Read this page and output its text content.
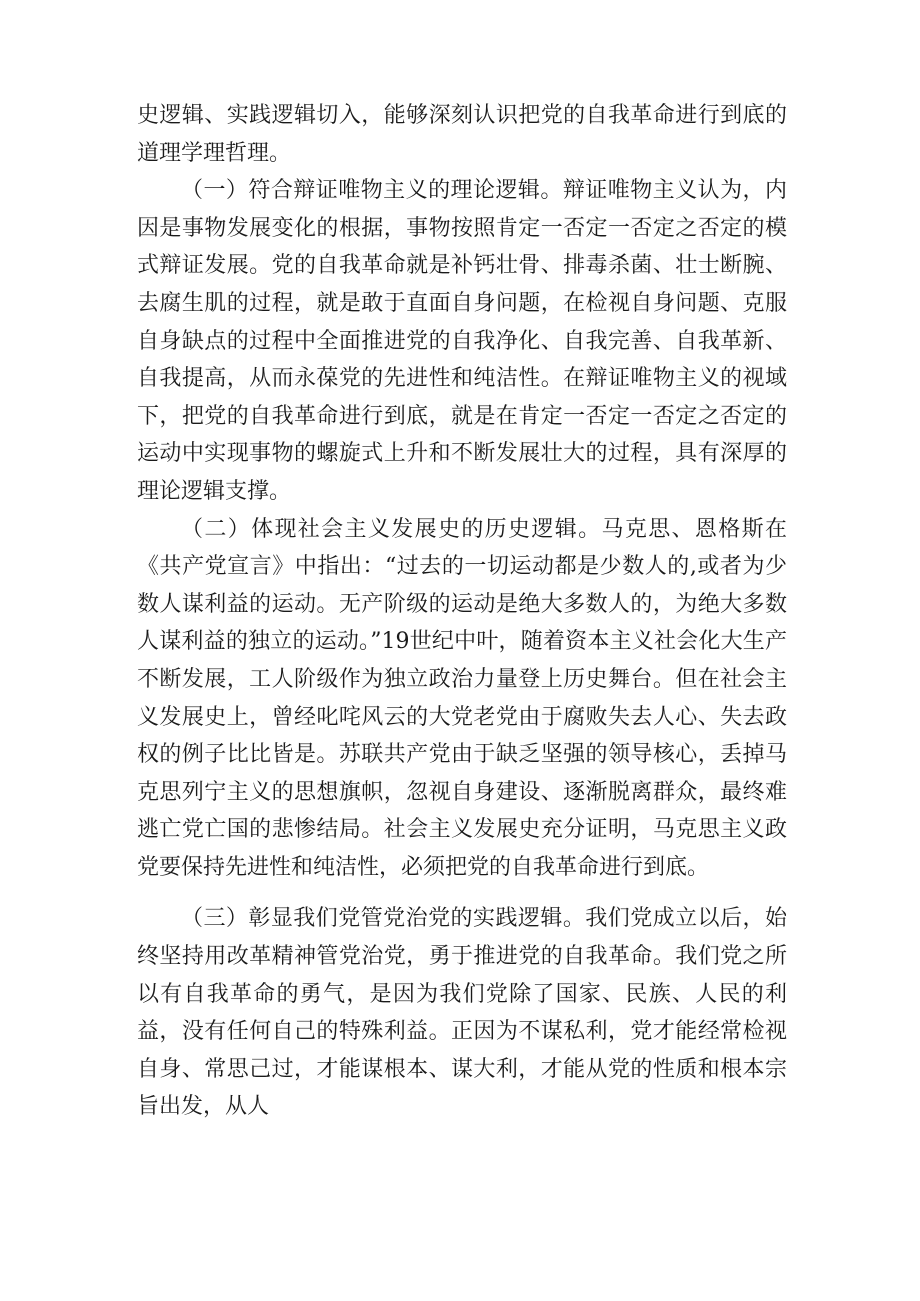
史逻辑、实践逻辑切入，能够深刻认识把党的自我革命进行到底的道理学理哲理。

（一）符合辩证唯物主义的理论逻辑。辩证唯物主义认为，内因是事物发展变化的根据，事物按照肯定一否定一否定之否定的模式辩证发展。党的自我革命就是补钙壮骨、排毒杀菌、壮士断腕、去腐生肌的过程，就是敢于直面自身问题，在检视自身问题、克服自身缺点的过程中全面推进党的自我净化、自我完善、自我革新、自我提高，从而永葆党的先进性和纯洁性。在辩证唯物主义的视域下，把党的自我革命进行到底，就是在肯定一否定一否定之否定的运动中实现事物的螺旋式上升和不断发展壮大的过程，具有深厚的理论逻辑支撑。

（二）体现社会主义发展史的历史逻辑。马克思、恩格斯在《共产党宣言》中指出：“过去的一切运动都是少数人的,或者为少数人谋利益的运动。无产阶级的运动是绝大多数人的，为绝大多数人谋利益的独立的运动。”19世纪中叶，随着资本主义社会化大生产不断发展，工人阶级作为独立政治力量登上历史舞台。但在社会主义发展史上，曾经叱咤风云的大党老党由于腐败失去人心、失去政权的例子比比皆是。苏联共产党由于缺乏坚强的领导核心，丢掉马克思列宁主义的思想旗帜，忽视自身建设、逐渐脱离群众，最终难逃亡党亡国的悲惨结局。社会主义发展史充分证明，马克思主义政党要保持先进性和纯洁性，必须把党的自我革命进行到底。

（三）彰显我们党管党治党的实践逻辑。我们党成立以后，始终坚持用改革精神管党治党，勇于推进党的自我革命。我们党之所以有自我革命的勇气，是因为我们党除了国家、民族、人民的利益，没有任何自己的特殊利益。正因为不谋私利，党才能经常检视自身、常思己过，才能谋根本、谋大利，才能从党的性质和根本宗旨出发，从人
